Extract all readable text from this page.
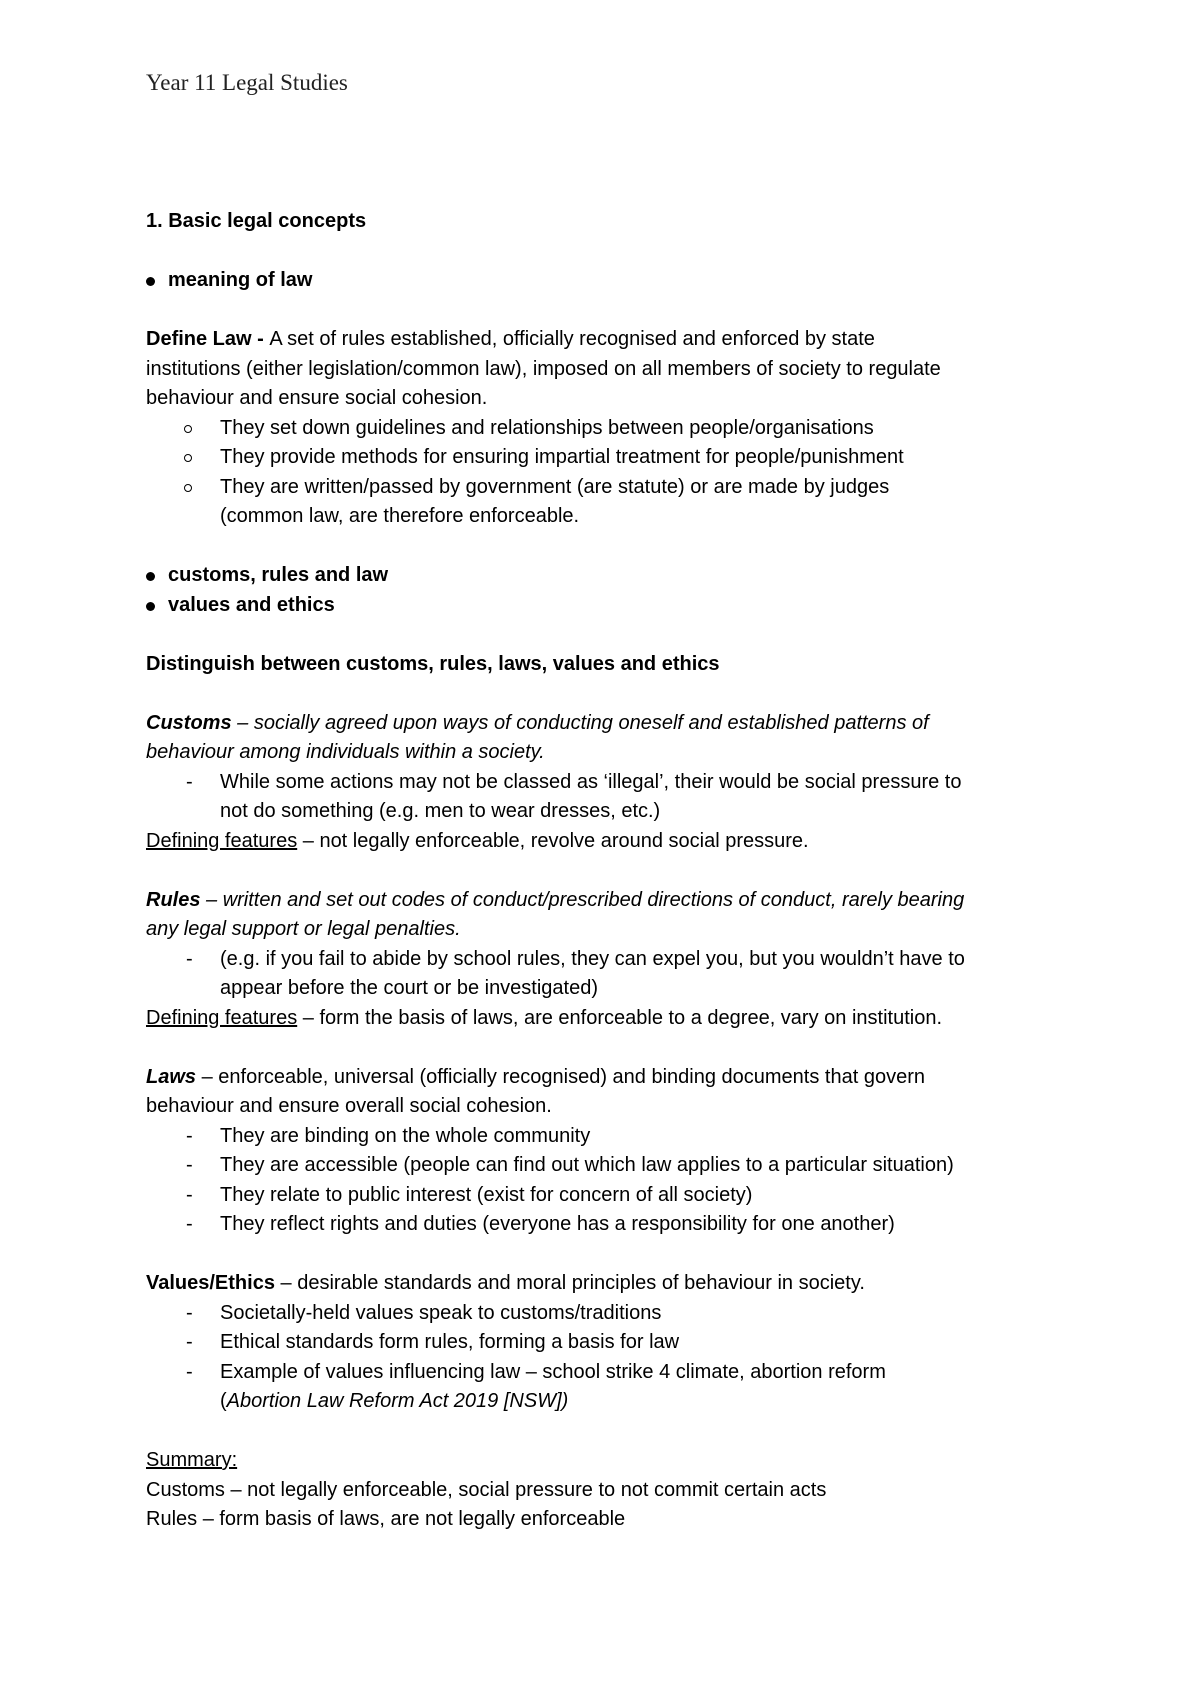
Year 11 Legal Studies
1. Basic legal concepts
meaning of law
Define Law - A set of rules established, officially recognised and enforced by state
institutions (either legislation/common law), imposed on all members of society to regulate
behaviour and ensure social cohesion.
They set down guidelines and relationships between people/organisations
They provide methods for ensuring impartial treatment for people/punishment
They are written/passed by government (are statute) or are made by judges
(common law, are therefore enforceable.
customs, rules and law
values and ethics
Distinguish between customs, rules, laws, values and ethics
Customs – socially agreed upon ways of conducting oneself and established patterns of
behaviour among individuals within a society.
- While some actions may not be classed as ‘illegal’, their would be social pressure to
not do something (e.g. men to wear dresses, etc.)
Defining features – not legally enforceable, revolve around social pressure.
Rules – written and set out codes of conduct/prescribed directions of conduct, rarely bearing
any legal support or legal penalties.
- (e.g. if you fail to abide by school rules, they can expel you, but you wouldn’t have to
appear before the court or be investigated)
Defining features – form the basis of laws, are enforceable to a degree, vary on institution.
Laws – enforceable, universal (officially recognised) and binding documents that govern
behaviour and ensure overall social cohesion.
- They are binding on the whole community
- They are accessible (people can find out which law applies to a particular situation)
- They relate to public interest (exist for concern of all society)
- They reflect rights and duties (everyone has a responsibility for one another)
Values/Ethics – desirable standards and moral principles of behaviour in society.
- Societally-held values speak to customs/traditions
- Ethical standards form rules, forming a basis for law
- Example of values influencing law – school strike 4 climate, abortion reform
(Abortion Law Reform Act 2019 [NSW])
Summary:
Customs – not legally enforceable, social pressure to not commit certain acts
Rules – form basis of laws, are not legally enforceable
